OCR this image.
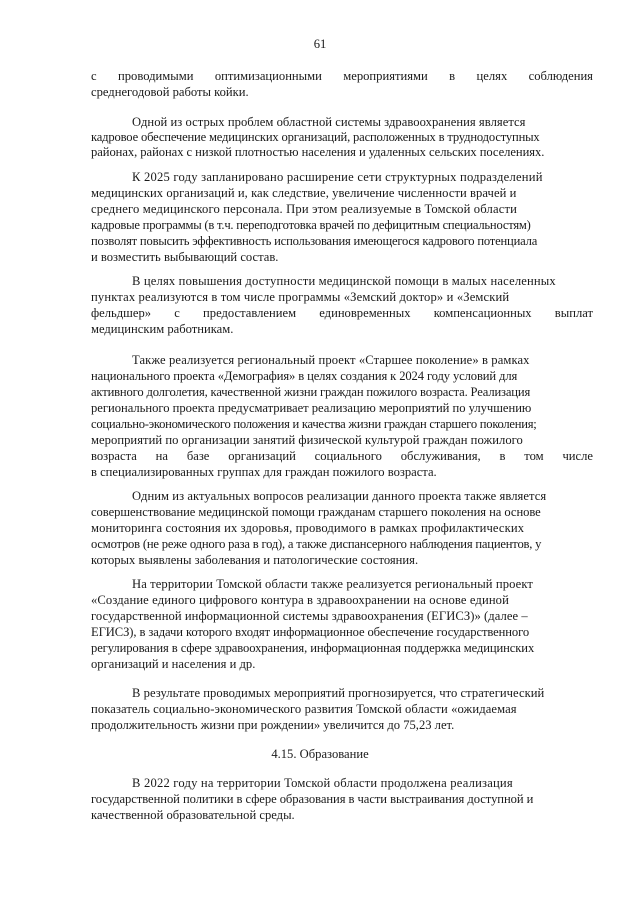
61
с проводимыми оптимизационными мероприятиями в целях соблюдения
среднегодовой работы койки.
Одной из острых проблем областной системы здравоохранения является
кадровое обеспечение медицинских организаций, расположенных в труднодоступных
районах, районах с низкой плотностью населения и удаленных сельских поселениях.
К 2025 году запланировано расширение сети структурных подразделений
медицинских организаций и, как следствие, увеличение численности врачей и
среднего медицинского персонала. При этом реализуемые в Томской области
кадровые программы (в т.ч. переподготовка врачей по дефицитным специальностям)
позволят повысить эффективность использования имеющегося кадрового потенциала
и возместить выбывающий состав.
В целях повышения доступности медицинской помощи в малых населенных
пунктах реализуются в том числе программы «Земский доктор» и «Земский
фельдшер» с предоставлением единовременных компенсационных выплат
медицинским работникам.
Также реализуется региональный проект «Старшее поколение» в рамках
национального проекта «Демография» в целях создания к 2024 году условий для
активного долголетия, качественной жизни граждан пожилого возраста. Реализация
регионального проекта предусматривает реализацию мероприятий по улучшению
социально-экономического положения и качества жизни граждан старшего поколения;
мероприятий по организации занятий физической культурой граждан пожилого
возраста на базе организаций социального обслуживания, в том числе
в специализированных группах для граждан пожилого возраста.
Одним из актуальных вопросов реализации данного проекта также является
совершенствование медицинской помощи гражданам старшего поколения на основе
мониторинга состояния их здоровья, проводимого в рамках профилактических
осмотров (не реже одного раза в год), а также диспансерного наблюдения пациентов, у
которых выявлены заболевания и патологические состояния.
На территории Томской области также реализуется региональный проект
«Создание единого цифрового контура в здравоохранении на основе единой
государственной информационной системы здравоохранения (ЕГИСЗ)» (далее –
ЕГИСЗ), в задачи которого входят информационное обеспечение государственного
регулирования в сфере здравоохранения, информационная поддержка медицинских
организаций и населения и др.
В результате проводимых мероприятий прогнозируется, что стратегический
показатель социально-экономического развития Томской области «ожидаемая
продолжительность жизни при рождении» увеличится до 75,23 лет.
4.15. Образование
В 2022 году на территории Томской области продолжена реализация
государственной политики в сфере образования в части выстраивания доступной и
качественной образовательной среды.
